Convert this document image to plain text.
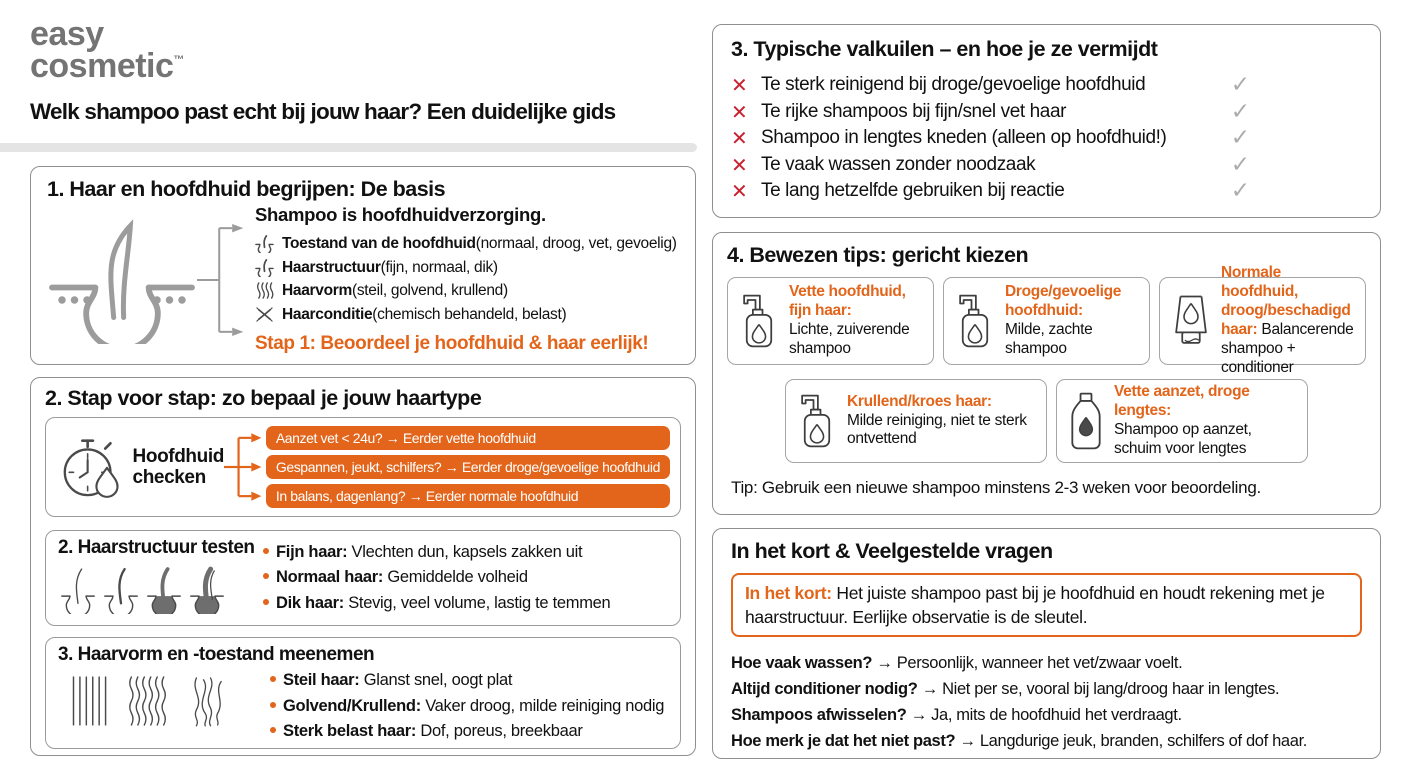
easy
cosmetic™
Welk shampoo past echt bij jouw haar? Een duidelijke gids
1. Haar en hoofdhuid begrijpen: De basis
Shampoo is hoofdhuidverzorging.
Toestand van de hoofdhuid (normaal, droog, vet, gevoelig)
Haarstructuur (fijn, normaal, dik)
Haarvorm (steil, golvend, krullend)
Haarconditie (chemisch behandeld, belast)
Stap 1: Beoordeel je hoofdhuid & haar eerlijk!
2. Stap voor stap: zo bepaal je jouw haartype
Hoofdhuid checken
Aanzet vet < 24u? → Eerder vette hoofdhuid
Gespannen, jeukt, schilfers? → Eerder droge/gevoelige hoofdhuid
In balans, dagenlang? → Eerder normale hoofdhuid
2. Haarstructuur testen	Fijn haar: Vlechten dun, kapsels zakken uit
Normaal haar: Gemiddelde volheid
Dik haar: Stevig, veel volume, lastig te temmen
3. Haarvorm en -toestand meenemen
Steil haar: Glanst snel, oogt plat
Golvend/Krullend: Vaker droog, milde reiniging nodig
Sterk belast haar: Dof, poreus, breekbaar
3. Typische valkuilen – en hoe je ze vermijdt
✕ Te sterk reinigend bij droge/gevoelige hoofdhuid	✓
✕ Te rijke shampoos bij fijn/snel vet haar	✓
✕ Shampoo in lengtes kneden (alleen op hoofdhuid!)	✓
✕ Te vaak wassen zonder noodzaak	✓
✕ Te lang hetzelfde gebruiken bij reactie	✓
4. Bewezen tips: gericht kiezen
Vette hoofdhuid, fijn haar:
Lichte, zuiverende shampoo
Droge/gevoelige hoofdhuid:
Milde, zachte shampoo
Normale hoofdhuid, droog/beschadigd haar: Balancerende shampoo + conditioner
Krullend/kroes haar:
Milde reiniging, niet te sterk ontvettend
Vette aanzet, droge lengtes:
Shampoo op aanzet, schuim voor lengtes
Tip: Gebruik een nieuwe shampoo minstens 2-3 weken voor beoordeling.
In het kort & Veelgestelde vragen
In het kort: Het juiste shampoo past bij je hoofdhuid en houdt rekening met je haarstructuur. Eerlijke observatie is de sleutel.
Hoe vaak wassen? → Persoonlijk, wanneer het vet/zwaar voelt.
Altijd conditioner nodig? → Niet per se, vooral bij lang/droog haar in lengtes.
Shampoos afwisselen? → Ja, mits de hoofdhuid het verdraagt.
Hoe merk je dat het niet past? → Langdurige jeuk, branden, schilfers of dof haar.
